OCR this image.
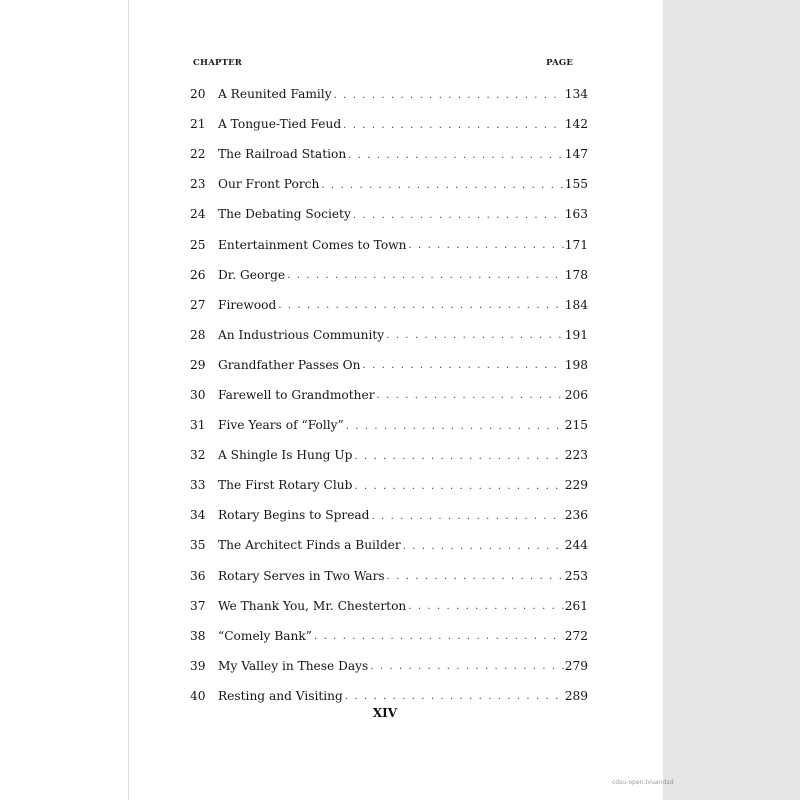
CHAPTER	PAGE
20	A Reunited Family . . .	134
21	A Tongue-Tied Feud . . .	142
22	The Railroad Station . . .	147
23	Our Front Porch . . .	155
24	The Debating Society . . .	163
25	Entertainment Comes to Town . . .	171
26	Dr. George . . .	178
27	Firewood . . .	184
28	An Industrious Community . . .	191
29	Grandfather Passes On . . .	198
30	Farewell to Grandmother . . .	206
31	Five Years of “Folly” . . .	215
32	A Shingle Is Hung Up . . .	223
33	The First Rotary Club . . .	229
34	Rotary Begins to Spread . . .	236
35	The Architect Finds a Builder . . .	244
36	Rotary Serves in Two Wars . . .	253
37	We Thank You, Mr. Chesterton . . .	261
38	“Comely Bank” . . .	272
39	My Valley in These Days . . .	279
40	Resting and Visiting . . .	289
XIV
cdsu-open.tvuandad
